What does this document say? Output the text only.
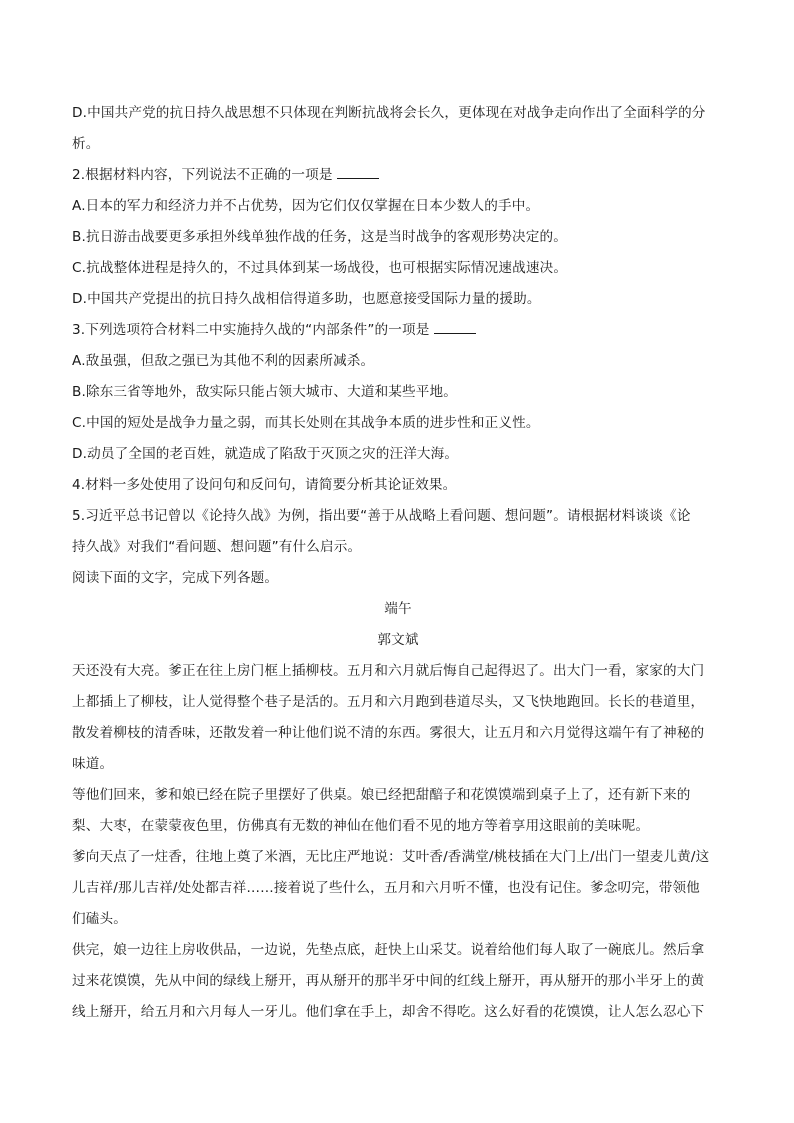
D.中国共产党的抗日持久战思想不只体现在判断抗战将会长久，更体现在对战争走向作出了全面科学的分

析。

2.根据材料内容，下列说法不正确的一项是

A.日本的军力和经济力并不占优势，因为它们仅仅掌握在日本少数人的手中。

B.抗日游击战要更多承担外线单独作战的任务，这是当时战争的客观形势决定的。

C.抗战整体进程是持久的，不过具体到某一场战役，也可根据实际情况速战速决。

D.中国共产党提出的抗日持久战相信得道多助，也愿意接受国际力量的援助。

3.下列选项符合材料二中实施持久战的“内部条件”的一项是

A.敌虽强，但敌之强已为其他不利的因素所减杀。

B.除东三省等地外，敌实际只能占领大城市、大道和某些平地。

C.中国的短处是战争力量之弱，而其长处则在其战争本质的进步性和正义性。

D.动员了全国的老百姓，就造成了陷敌于灭顶之灾的汪洋大海。

4.材料一多处使用了设问句和反问句，请简要分析其论证效果。

5.习近平总书记曾以《论持久战》为例，指出要“善于从战略上看问题、想问题”。请根据材料谈谈《论

持久战》对我们“看问题、想问题”有什么启示。

阅读下面的文字，完成下列各题。

端午

郭文斌

天还没有大亮。爹正在往上房门框上插柳枝。五月和六月就后悔自己起得迟了。出大门一看，家家的大门

上都插上了柳枝，让人觉得整个巷子是活的。五月和六月跑到巷道尽头，又飞快地跑回。长长的巷道里，

散发着柳枝的清香味，还散发着一种让他们说不清的东西。雾很大，让五月和六月觉得这端午有了神秘的

味道。

等他们回来，爹和娘已经在院子里摆好了供桌。娘已经把甜醅子和花馍馍端到桌子上了，还有新下来的

梨、大枣，在蒙蒙夜色里，仿佛真有无数的神仙在他们看不见的地方等着享用这眼前的美味呢。

爹向天点了一炷香，往地上奠了米酒，无比庄严地说：艾叶香/香满堂/桃枝插在大门上/出门一望麦儿黄/这

儿吉祥/那儿吉祥/处处都吉祥……接着说了些什么，五月和六月听不懂，也没有记住。爹念叨完，带领他

们磕头。

供完，娘一边往上房收供品，一边说，先垫点底，赶快上山采艾。说着给他们每人取了一碗底儿。然后拿

过来花馍馍，先从中间的绿线上掰开，再从掰开的那半牙中间的红线上掰开，再从掰开的那小半牙上的黄

线上掰开，给五月和六月每人一牙儿。他们拿在手上，却舍不得吃。这么好看的花馍馍，让人怎么忍心下
